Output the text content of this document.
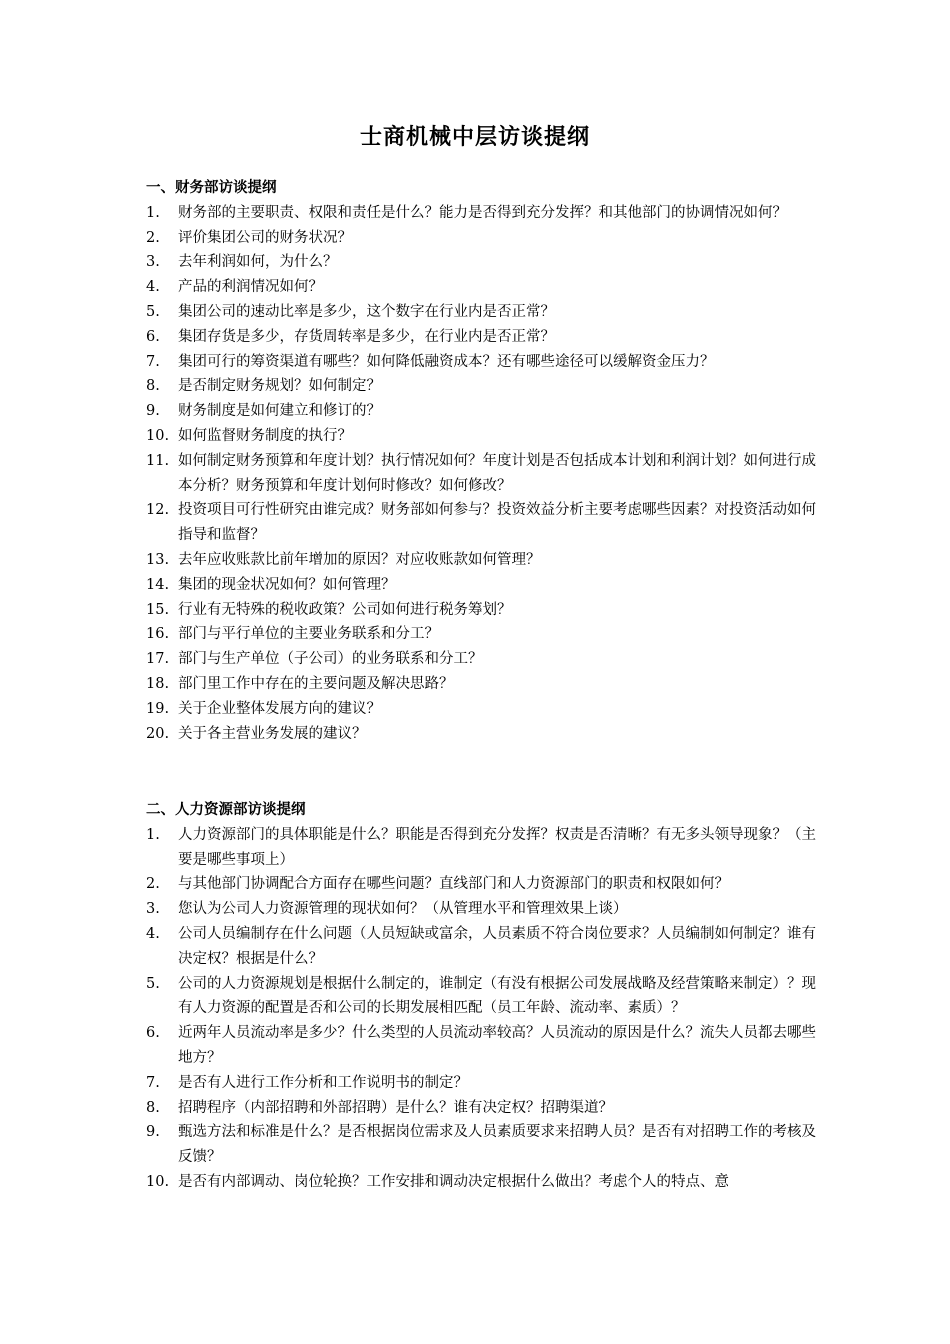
士商机械中层访谈提纲
一、财务部访谈提纲
1. 财务部的主要职责、权限和责任是什么？能力是否得到充分发挥？和其他部门的协调情况如何？
2. 评价集团公司的财务状况？
3. 去年利润如何，为什么？
4. 产品的利润情况如何？
5. 集团公司的速动比率是多少，这个数字在行业内是否正常？
6. 集团存货是多少，存货周转率是多少，在行业内是否正常？
7. 集团可行的筹资渠道有哪些？如何降低融资成本？还有哪些途径可以缓解资金压力？
8. 是否制定财务规划？如何制定？
9. 财务制度是如何建立和修订的？
10. 如何监督财务制度的执行？
11. 如何制定财务预算和年度计划？执行情况如何？年度计划是否包括成本计划和利润计划？如何进行成本分析？财务预算和年度计划何时修改？如何修改？
12. 投资项目可行性研究由谁完成？财务部如何参与？投资效益分析主要考虑哪些因素？对投资活动如何指导和监督？
13. 去年应收账款比前年增加的原因？对应收账款如何管理？
14. 集团的现金状况如何？如何管理？
15. 行业有无特殊的税收政策？公司如何进行税务筹划？
16. 部门与平行单位的主要业务联系和分工？
17. 部门与生产单位（子公司）的业务联系和分工？
18. 部门里工作中存在的主要问题及解决思路？
19. 关于企业整体发展方向的建议？
20. 关于各主营业务发展的建议？
二、人力资源部访谈提纲
1. 人力资源部门的具体职能是什么？职能是否得到充分发挥？权责是否清晰？有无多头领导现象？（主要是哪些事项上）
2. 与其他部门协调配合方面存在哪些问题？直线部门和人力资源部门的职责和权限如何？
3. 您认为公司人力资源管理的现状如何？（从管理水平和管理效果上谈）
4. 公司人员编制存在什么问题（人员短缺或富余，人员素质不符合岗位要求？人员编制如何制定？谁有决定权？根据是什么？
5. 公司的人力资源规划是根据什么制定的，谁制定（有没有根据公司发展战略及经营策略来制定）？现有人力资源的配置是否和公司的长期发展相匹配（员工年龄、流动率、素质）？
6. 近两年人员流动率是多少？什么类型的人员流动率较高？人员流动的原因是什么？流失人员都去哪些地方？
7. 是否有人进行工作分析和工作说明书的制定？
8. 招聘程序（内部招聘和外部招聘）是什么？谁有决定权？招聘渠道？
9. 甄选方法和标准是什么？是否根据岗位需求及人员素质要求来招聘人员？是否有对招聘工作的考核及反馈？
10. 是否有内部调动、岗位轮换？工作安排和调动决定根据什么做出？考虑个人的特点、意
